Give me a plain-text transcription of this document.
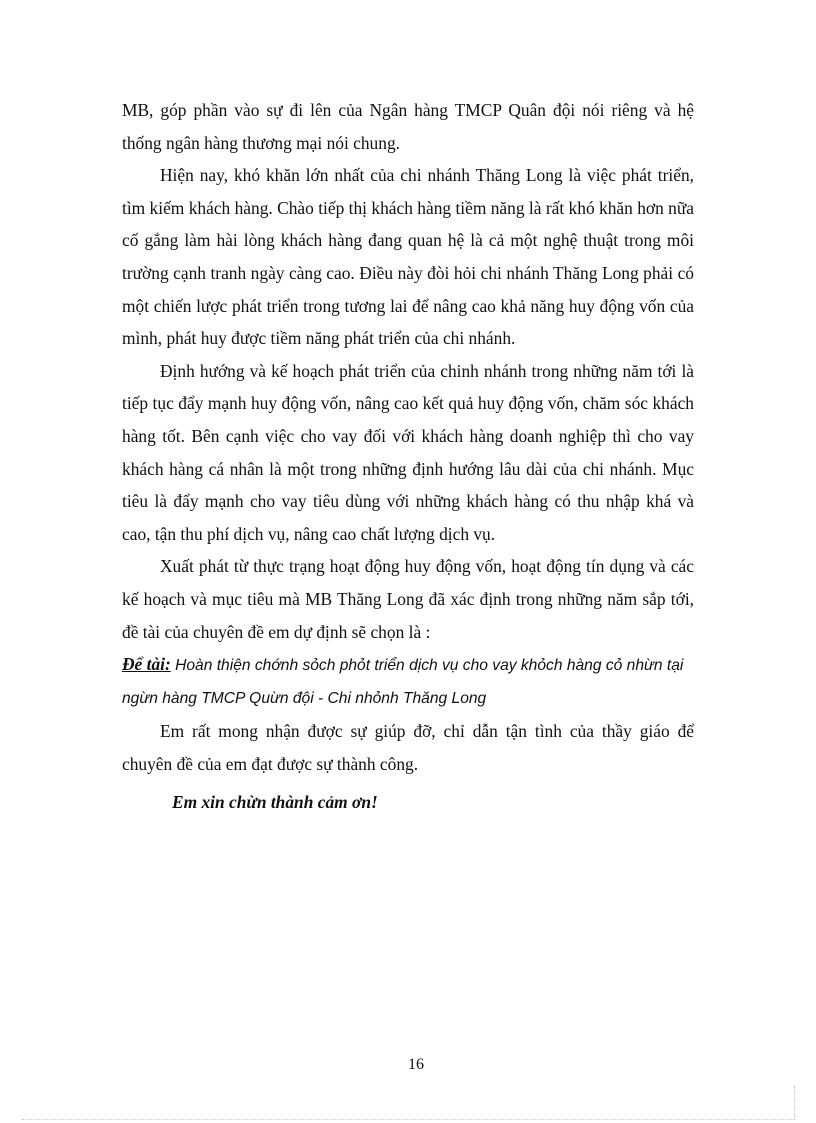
MB, góp phần vào sự đi lên của Ngân hàng TMCP Quân đội nói riêng và hệ thống ngân hàng thương mại nói chung.

Hiện nay, khó khăn lớn nhất của chi nhánh Thăng Long là việc phát triển, tìm kiếm khách hàng. Chào tiếp thị khách hàng tiềm năng là rất khó khăn hơn nữa cố gắng làm hài lòng khách hàng đang quan hệ là cả một nghệ thuật trong môi trường cạnh tranh ngày càng cao. Điều này đòi hỏi chi nhánh Thăng Long phải có một chiến lược phát triển trong tương lai để nâng cao khả năng huy động vốn của mình, phát huy được tiềm năng phát triển của chi nhánh.

Định hướng và kế hoạch phát triển của chinh nhánh trong những năm tới là tiếp tục đẩy mạnh huy động vốn, nâng cao kết quả huy động vốn, chăm sóc khách hàng tốt. Bên cạnh việc cho vay đối với khách hàng doanh nghiệp thì cho vay khách hàng cá nhân là một trong những định hướng lâu dài của chi nhánh. Mục tiêu là đẩy mạnh cho vay tiêu dùng với những khách hàng có thu nhập khá và cao, tận thu phí dịch vụ, nâng cao chất lượng dịch vụ.

Xuất phát từ thực trạng hoạt động huy động vốn, hoạt động tín dụng và các kế hoạch và mục tiêu mà MB Thăng Long đã xác định trong những năm sắp tới, đề tài của chuyên đề em dự định sẽ chọn là :

Để tài: Hoàn thiện chớnh sỏch phỏt triển dịch vụ cho vay khỏch hàng cỏ nhừn tại ngừn hàng TMCP Quừn đội - Chi nhỏnh Thăng Long

Em rất mong nhận được sự giúp đỡ, chỉ dẫn tận tình của thầy giáo để chuyên đề của em đạt được sự thành công.

Em xin chừn thành cảm ơn!

16
